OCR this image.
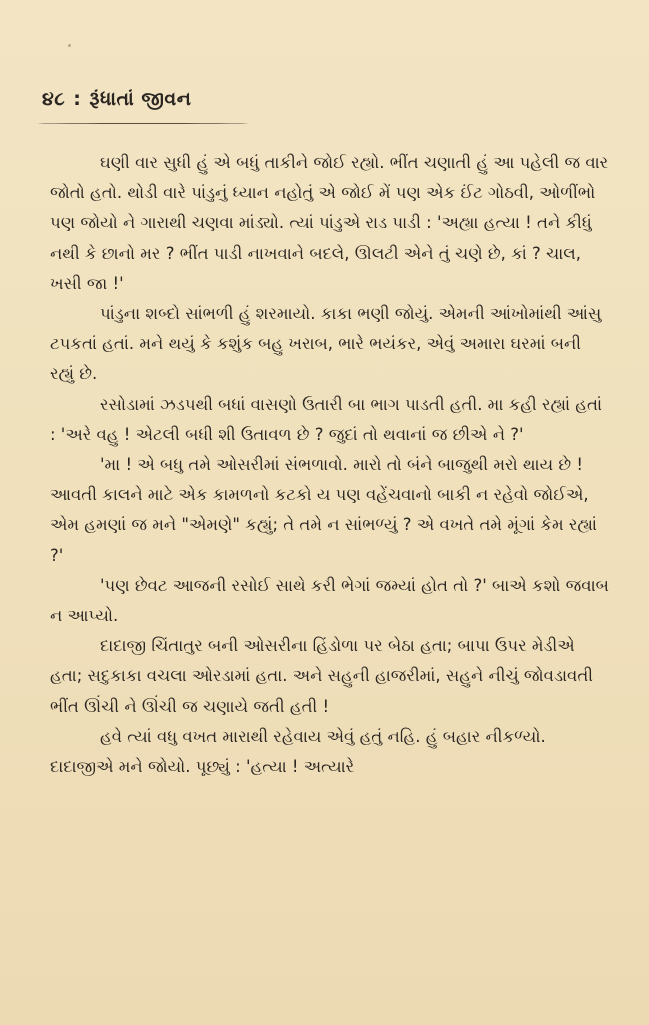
૪૮ : રૂંધાતાં જીવન

ઘણી વાર સુધી હું એ બધું તાકીને જોઈ રહ્યો. ભીંત ચણાતી હું આ પહેલી જ વાર જોતો હતો. થોડી વારે પાંડુનું ધ્યાન નહોતું એ જોઈ મેં પણ એક ઈંટ ગોઠવી, ઓળીંભો પણ જોયો ને ગારાથી ચણવા માંડ્યો. ત્યાં પાંડુએ રાડ પાડી : 'અહ્યા હત્યા ! તને કીધું નથી કે છાનો મર ? ભીંત પાડી નાખવાને બદલે, ઊલટી એને તું ચણે છે, કાં ? ચાલ, ખસી જા !'

પાંડુના શબ્દો સાંભળી હું શરમાયો. કાકા ભણી જોયું. એમની આંખોમાંથી આંસુ ટપકતાં હતાં. મને થયું કે કશુંક બહુ ખરાબ, ભારે ભયંકર, એવું અમારા ઘરમાં બની રહ્યું છે.

રસોડામાં ઝડપથી બધાં વાસણો ઉતારી બા ભાગ પાડતી હતી. મા કહી રહ્યાં હતાં : 'અરે વહુ ! એટલી બધી શી ઉતાવળ છે ? જુદાં તો થવાનાં જ છીએ ને ?'

'મા ! એ બધુ તમે ઓસરીમાં સંભળાવો. મારો તો બંને બાજુથી મરો થાય છે ! આવતી કાલને માટે એક કામળનો કટકો ય પણ વહેંચવાનો બાકી ન રહેવો જોઈએ, એમ હમણાં જ મને "એમણે" કહ્યું; તે તમે ન સાંભળ્યું ? એ વખતે તમે મૂંગાં કેમ રહ્યાં ?'

'પણ છેવટ આજની રસોઈ સાથે કરી ભેગાં જમ્યાં હોત તો ?' બાએ કશો જવાબ ન આપ્યો.

દાદાજી ચિંતાતુર બની ઓસરીના હિંડોળા પર બેઠા હતા; બાપા ઉપર મેડીએ હતા; સદુકાકા વચલા ઓરડામાં હતા. અને સહુની હાજરીમાં, સહુને નીચું જોવડાવતી ભીંત ઊંચી ને ઊંચી જ ચણાયે જતી હતી !

હવે ત્યાં વધુ વખત મારાથી રહેવાય એવું હતું નહિ. હું બહાર નીકળ્યો. દાદાજીએ મને જોયો. પૂછ્યું : 'હત્યા ! અત્યારે
